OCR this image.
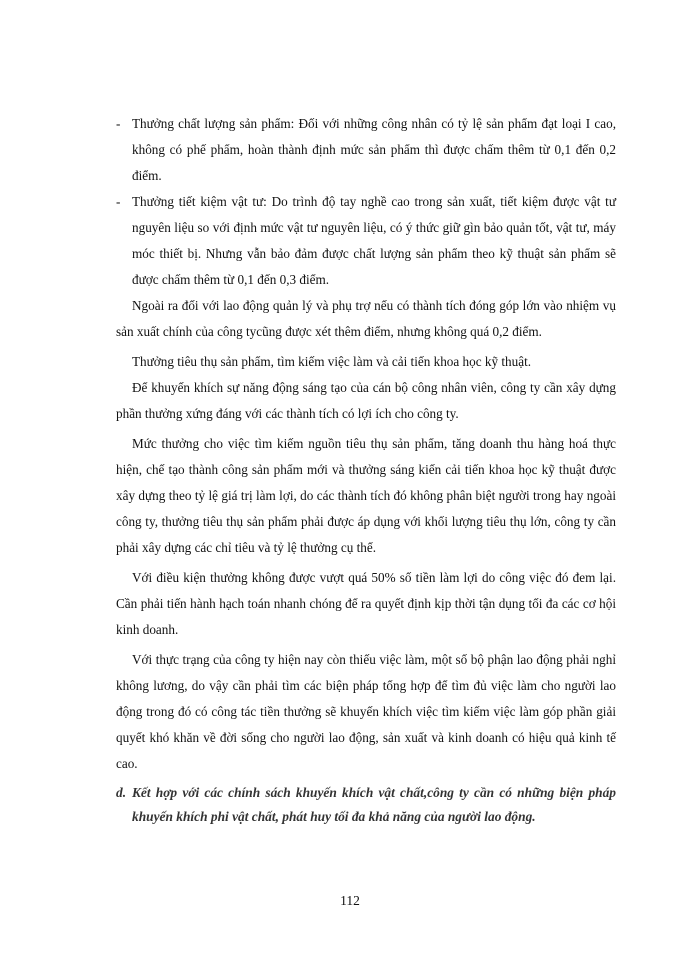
- Thưởng chất lượng sản phẩm: Đối với những công nhân có tỷ lệ sản phẩm đạt loại I cao, không có phế phẩm, hoàn thành định mức sản phẩm thì được chấm thêm từ 0,1 đến 0,2 điểm.

- Thưởng tiết kiệm vật tư: Do trình độ tay nghề cao trong sản xuất, tiết kiệm được vật tư nguyên liệu so với định mức vật tư nguyên liệu, có ý thức giữ gìn bảo quản tốt, vật tư, máy móc thiết bị. Nhưng vẫn bảo đảm được chất lượng sản phẩm theo kỹ thuật sản phẩm sẽ được chấm thêm từ 0,1 đến 0,3 điểm.

Ngoài ra đối với lao động quản lý và phụ trợ nếu có thành tích đóng góp lớn vào nhiệm vụ sản xuất chính của công tycũng được xét thêm điểm, nhưng không quá 0,2 điểm.

Thưởng tiêu thụ sản phẩm, tìm kiếm việc làm và cải tiến khoa học kỹ thuật.

Để khuyến khích sự năng động sáng tạo của cán bộ công nhân viên, công ty cần xây dựng phần thưởng xứng đáng với các thành tích có lợi ích cho công ty.

Mức thưởng cho việc tìm kiếm nguồn tiêu thụ sản phẩm, tăng doanh thu hàng hoá thực hiện, chế tạo thành công sản phẩm mới và thưởng sáng kiến cải tiến khoa học kỹ thuật được xây dựng theo tỷ lệ giá trị làm lợi, do các thành tích đó không phân biệt người trong hay ngoài công ty, thưởng tiêu thụ sản phẩm phải được áp dụng với khối lượng tiêu thụ lớn, công ty cần phải xây dựng các chỉ tiêu và tỷ lệ thưởng cụ thể.

Với điều kiện thưởng không được vượt quá 50% số tiền làm lợi do công việc đó đem lại. Cần phải tiến hành hạch toán nhanh chóng để ra quyết định kịp thời tận dụng tối đa các cơ hội kinh doanh.

Với thực trạng của công ty hiện nay còn thiếu việc làm, một số bộ phận lao động phải nghỉ không lương, do vậy cần phải tìm các biện pháp tổng hợp để tìm đủ việc làm cho người lao động trong đó có công tác tiền thưởng sẽ khuyến khích việc tìm kiếm việc làm góp phần giải quyết khó khăn về đời sống cho người lao động, sản xuất và kinh doanh có hiệu quả kinh tế cao.

d. Kết hợp với các chính sách khuyến khích vật chất,công ty cần có những biện pháp khuyến khích phi vật chất, phát huy tối đa khả năng của người lao động.

112
